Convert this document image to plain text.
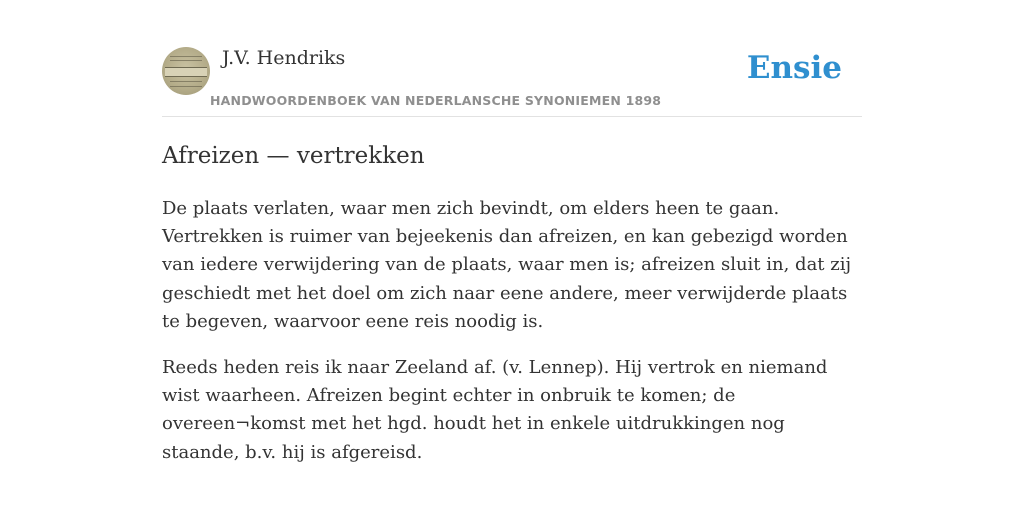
J.V. Hendriks
HANDWOORDENBOEK VAN NEDERLANSCHE SYNONIEMEN 1898
Ensie
Afreizen — vertrekken

De plaats verlaten, waar men zich bevindt, om elders heen te gaan. Vertrekken is ruimer van bejeekenis dan afreizen, en kan gebezigd worden van iedere verwijdering van de plaats, waar men is; afreizen sluit in, dat zij geschiedt met het doel om zich naar eene andere, meer verwijderde plaats te begeven, waarvoor eene reis noodig is.

Reeds heden reis ik naar Zeeland af. (v. Lennep). Hij vertrok en niemand wist waarheen. Afreizen begint echter in onbruik te komen; de overeen¬komst met het hgd. houdt het in enkele uitdrukkingen nog staande, b.v. hij is afgereisd.
